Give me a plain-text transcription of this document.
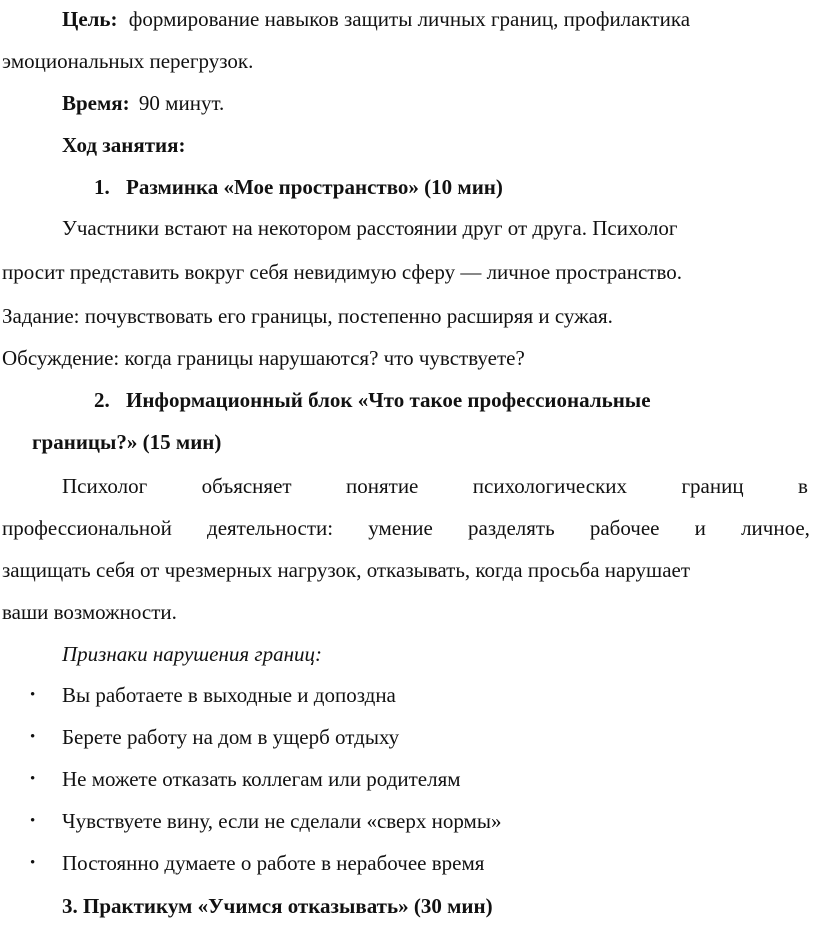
Цель: формирование навыков защиты личных границ, профилактика
эмоциональных перегрузок.
Время: 90 минут.
Ход занятия:
1. Разминка «Мое пространство» (10 мин)
Участники встают на некотором расстоянии друг от друга. Психолог
просит представить вокруг себя невидимую сферу — личное пространство.
Задание: почувствовать его границы, постепенно расширяя и сужая.
Обсуждение: когда границы нарушаются? что чувствуете?
2. Информационный блок «Что такое профессиональные
границы?» (15 мин)
Психолог	объясняет	понятие	психологических	границ	в
профессиональной деятельности: умение разделять рабочее и личное,
защищать себя от чрезмерных нагрузок, отказывать, когда просьба нарушает
ваши возможности.
Признаки нарушения границ:
• Вы работаете в выходные и допоздна
• Берете работу на дом в ущерб отдыху
• Не можете отказать коллегам или родителям
• Чувствуете вину, если не сделали «сверх нормы»
• Постоянно думаете о работе в нерабочее время
3. Практикум «Учимся отказывать» (30 мин)
